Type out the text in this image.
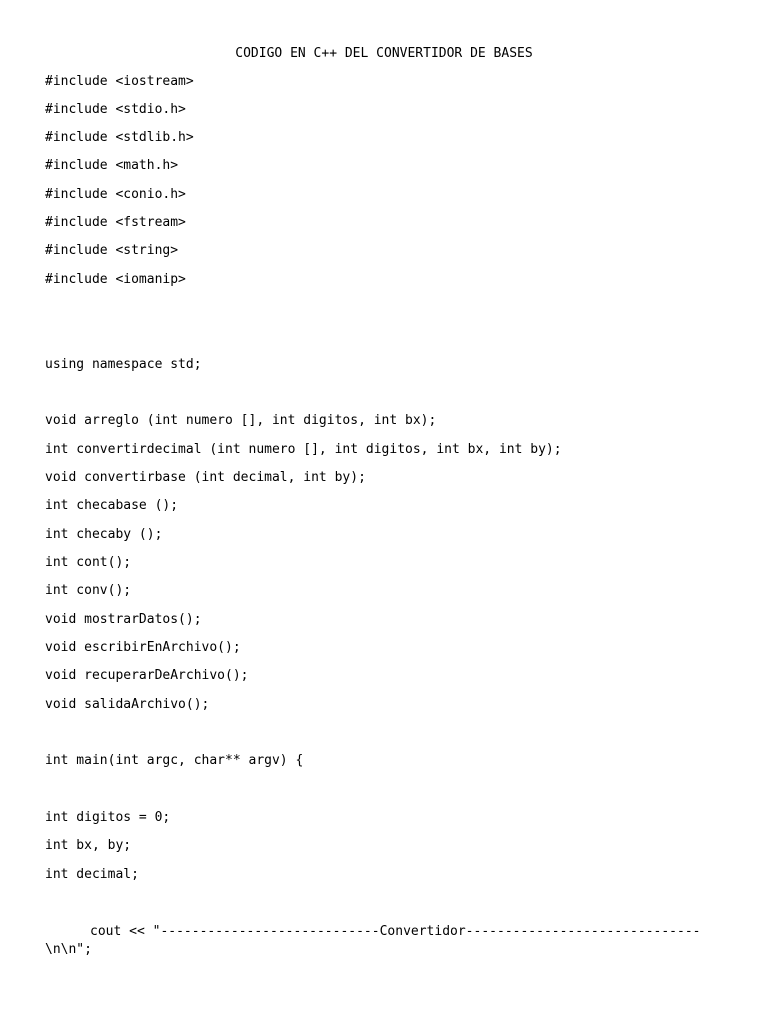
CODIGO EN C++ DEL CONVERTIDOR DE BASES
#include <iostream>
#include <stdio.h>
#include <stdlib.h>
#include <math.h>
#include <conio.h>
#include <fstream>
#include <string>
#include <iomanip>
using namespace std;
void arreglo (int numero [], int digitos, int bx);
int convertirdecimal (int numero [], int digitos, int bx, int by);
void convertirbase (int decimal, int by);
int checabase ();
int checaby ();
int cont();
int conv();
void mostrarDatos();
void escribirEnArchivo();
void recuperarDeArchivo();
void salidaArchivo();
int main(int argc, char** argv) {
int digitos = 0;
int bx, by;
int decimal;
cout << "----------------------------Convertidor------------------------------
\n\n";
